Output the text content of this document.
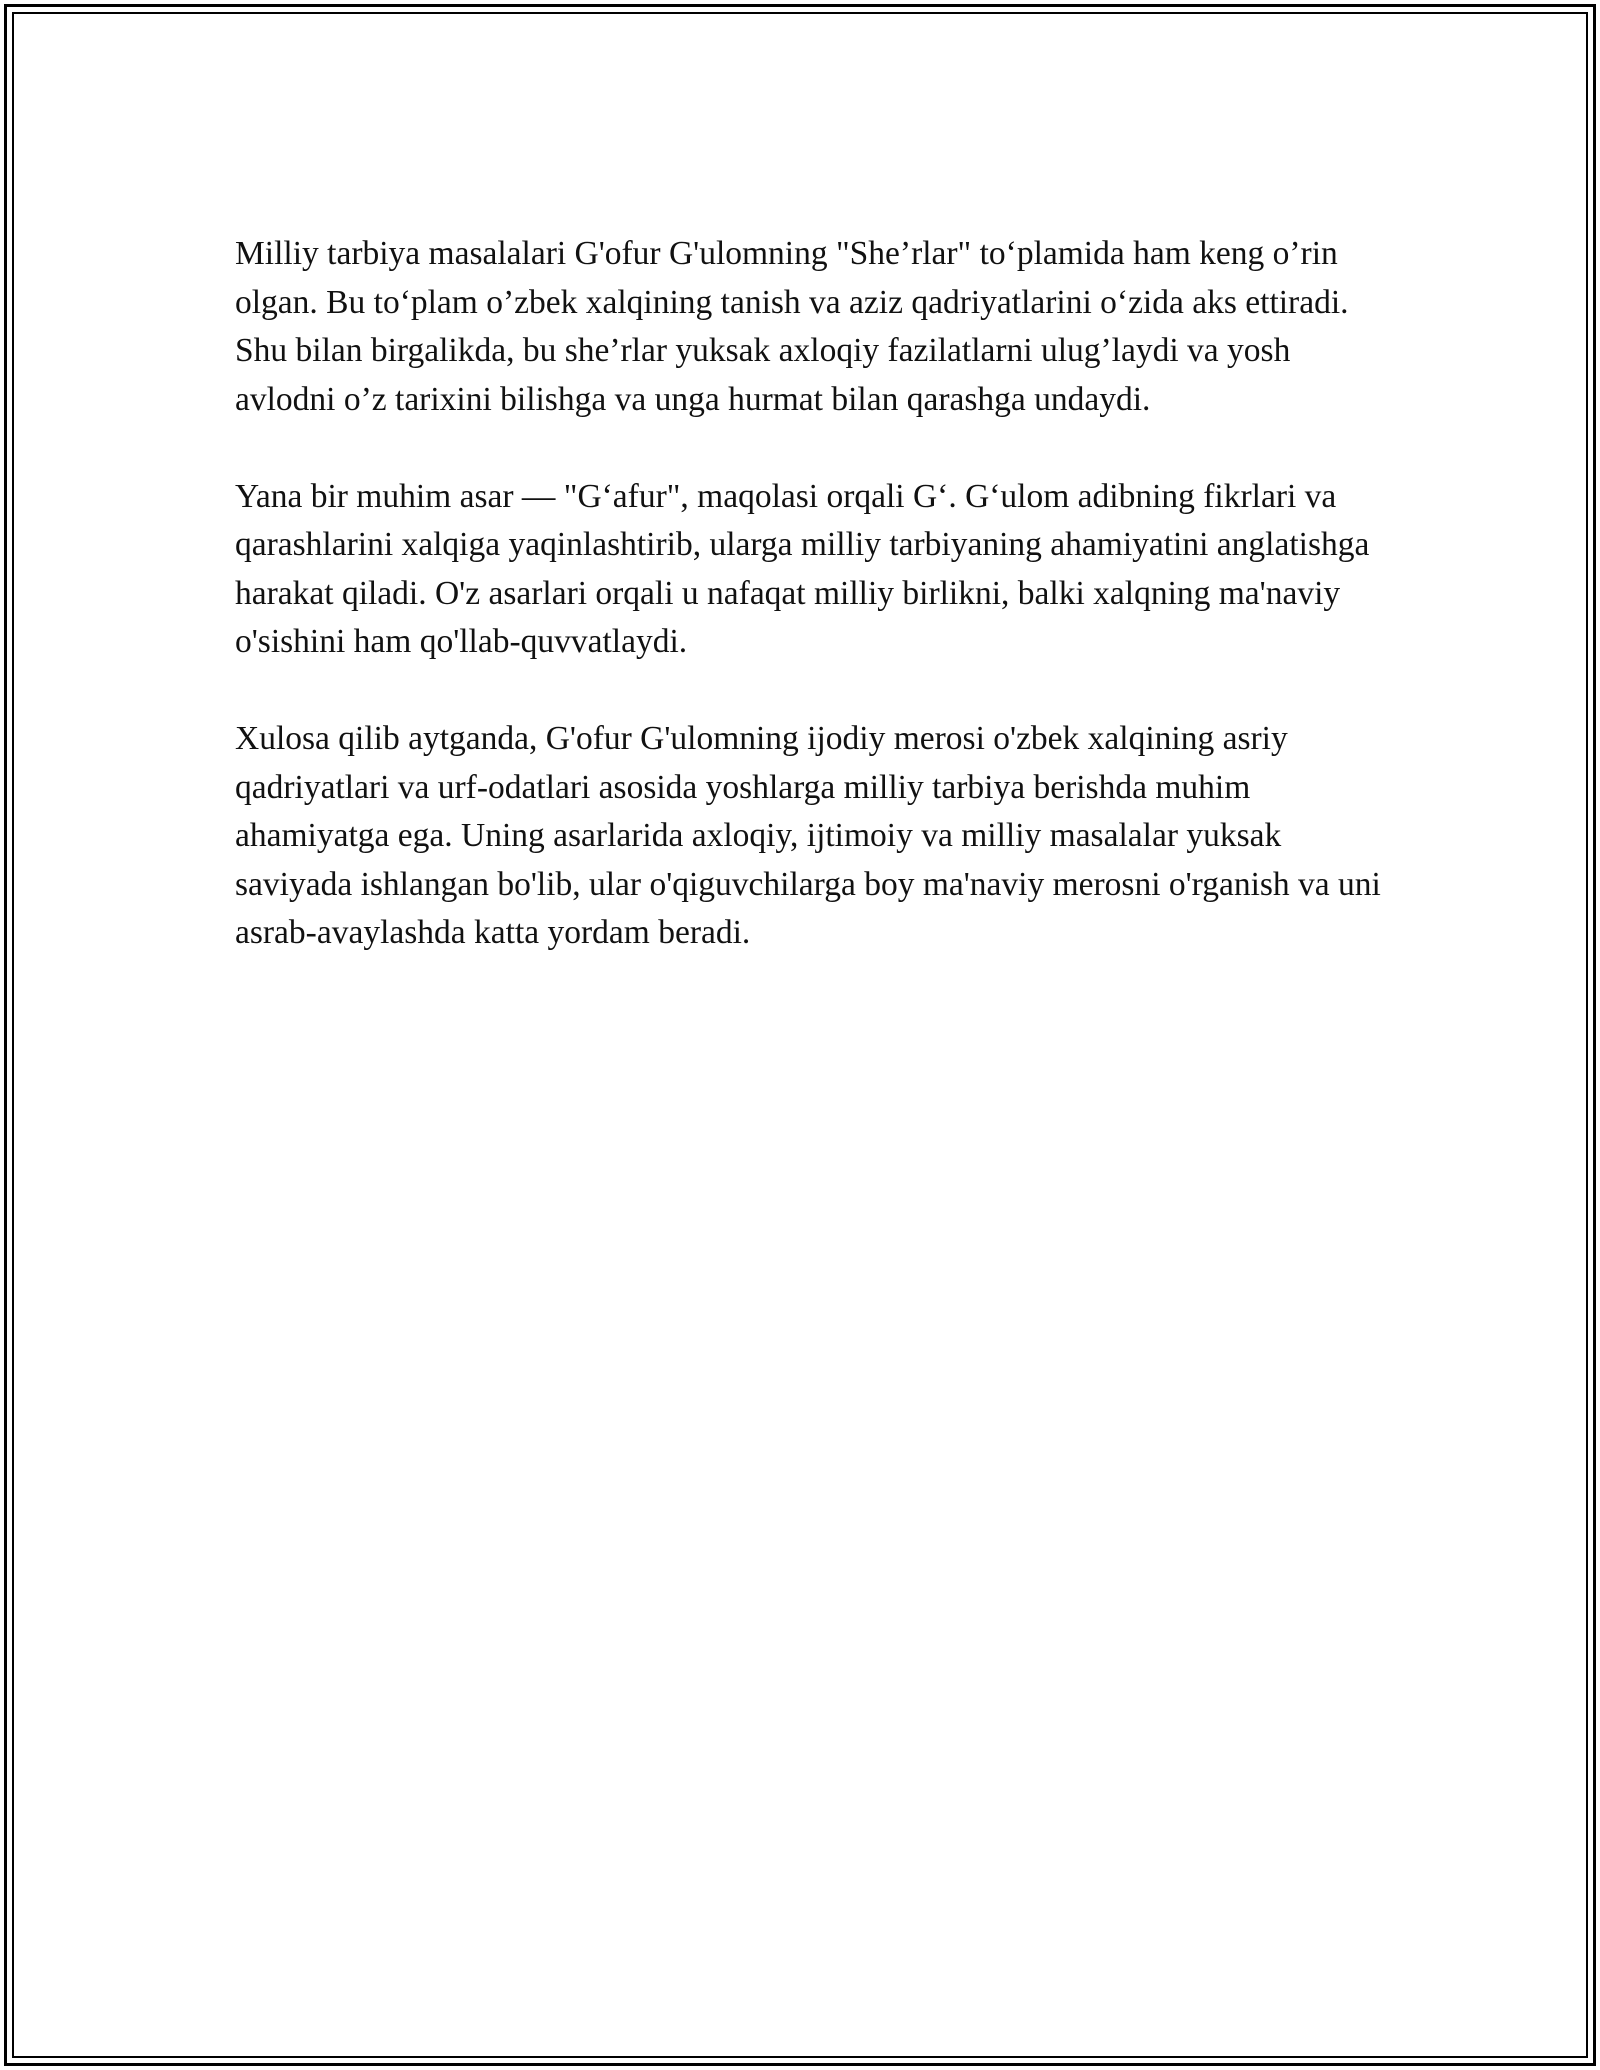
Milliy tarbiya masalalari G'ofur G'ulomning "She’rlar" to‘plamida ham keng o’rin olgan. Bu to‘plam o’zbek xalqining tanish va aziz qadriyatlarini o‘zida aks ettiradi. Shu bilan birgalikda, bu she’rlar yuksak axloqiy fazilatlarni ulug’laydi va yosh avlodni o’z tarixini bilishga va unga hurmat bilan qarashga undaydi.

Yana bir muhim asar — "G‘afur", maqolasi orqali G‘. G‘ulom adibning fikrlari va qarashlarini xalqiga yaqinlashtirib, ularga milliy tarbiyaning ahamiyatini anglatishga harakat qiladi. O'z asarlari orqali u nafaqat milliy birlikni, balki xalqning ma'naviy o'sishini ham qo'llab-quvvatlaydi.

Xulosa qilib aytganda, G'ofur G'ulomning ijodiy merosi o'zbek xalqining asriy qadriyatlari va urf-odatlari asosida yoshlarga milliy tarbiya berishda muhim ahamiyatga ega. Uning asarlarida axloqiy, ijtimoiy va milliy masalalar yuksak saviyada ishlangan bo'lib, ular o'qiguvchilarga boy ma'naviy merosni o'rganish va uni asrab-avaylashda katta yordam beradi.
